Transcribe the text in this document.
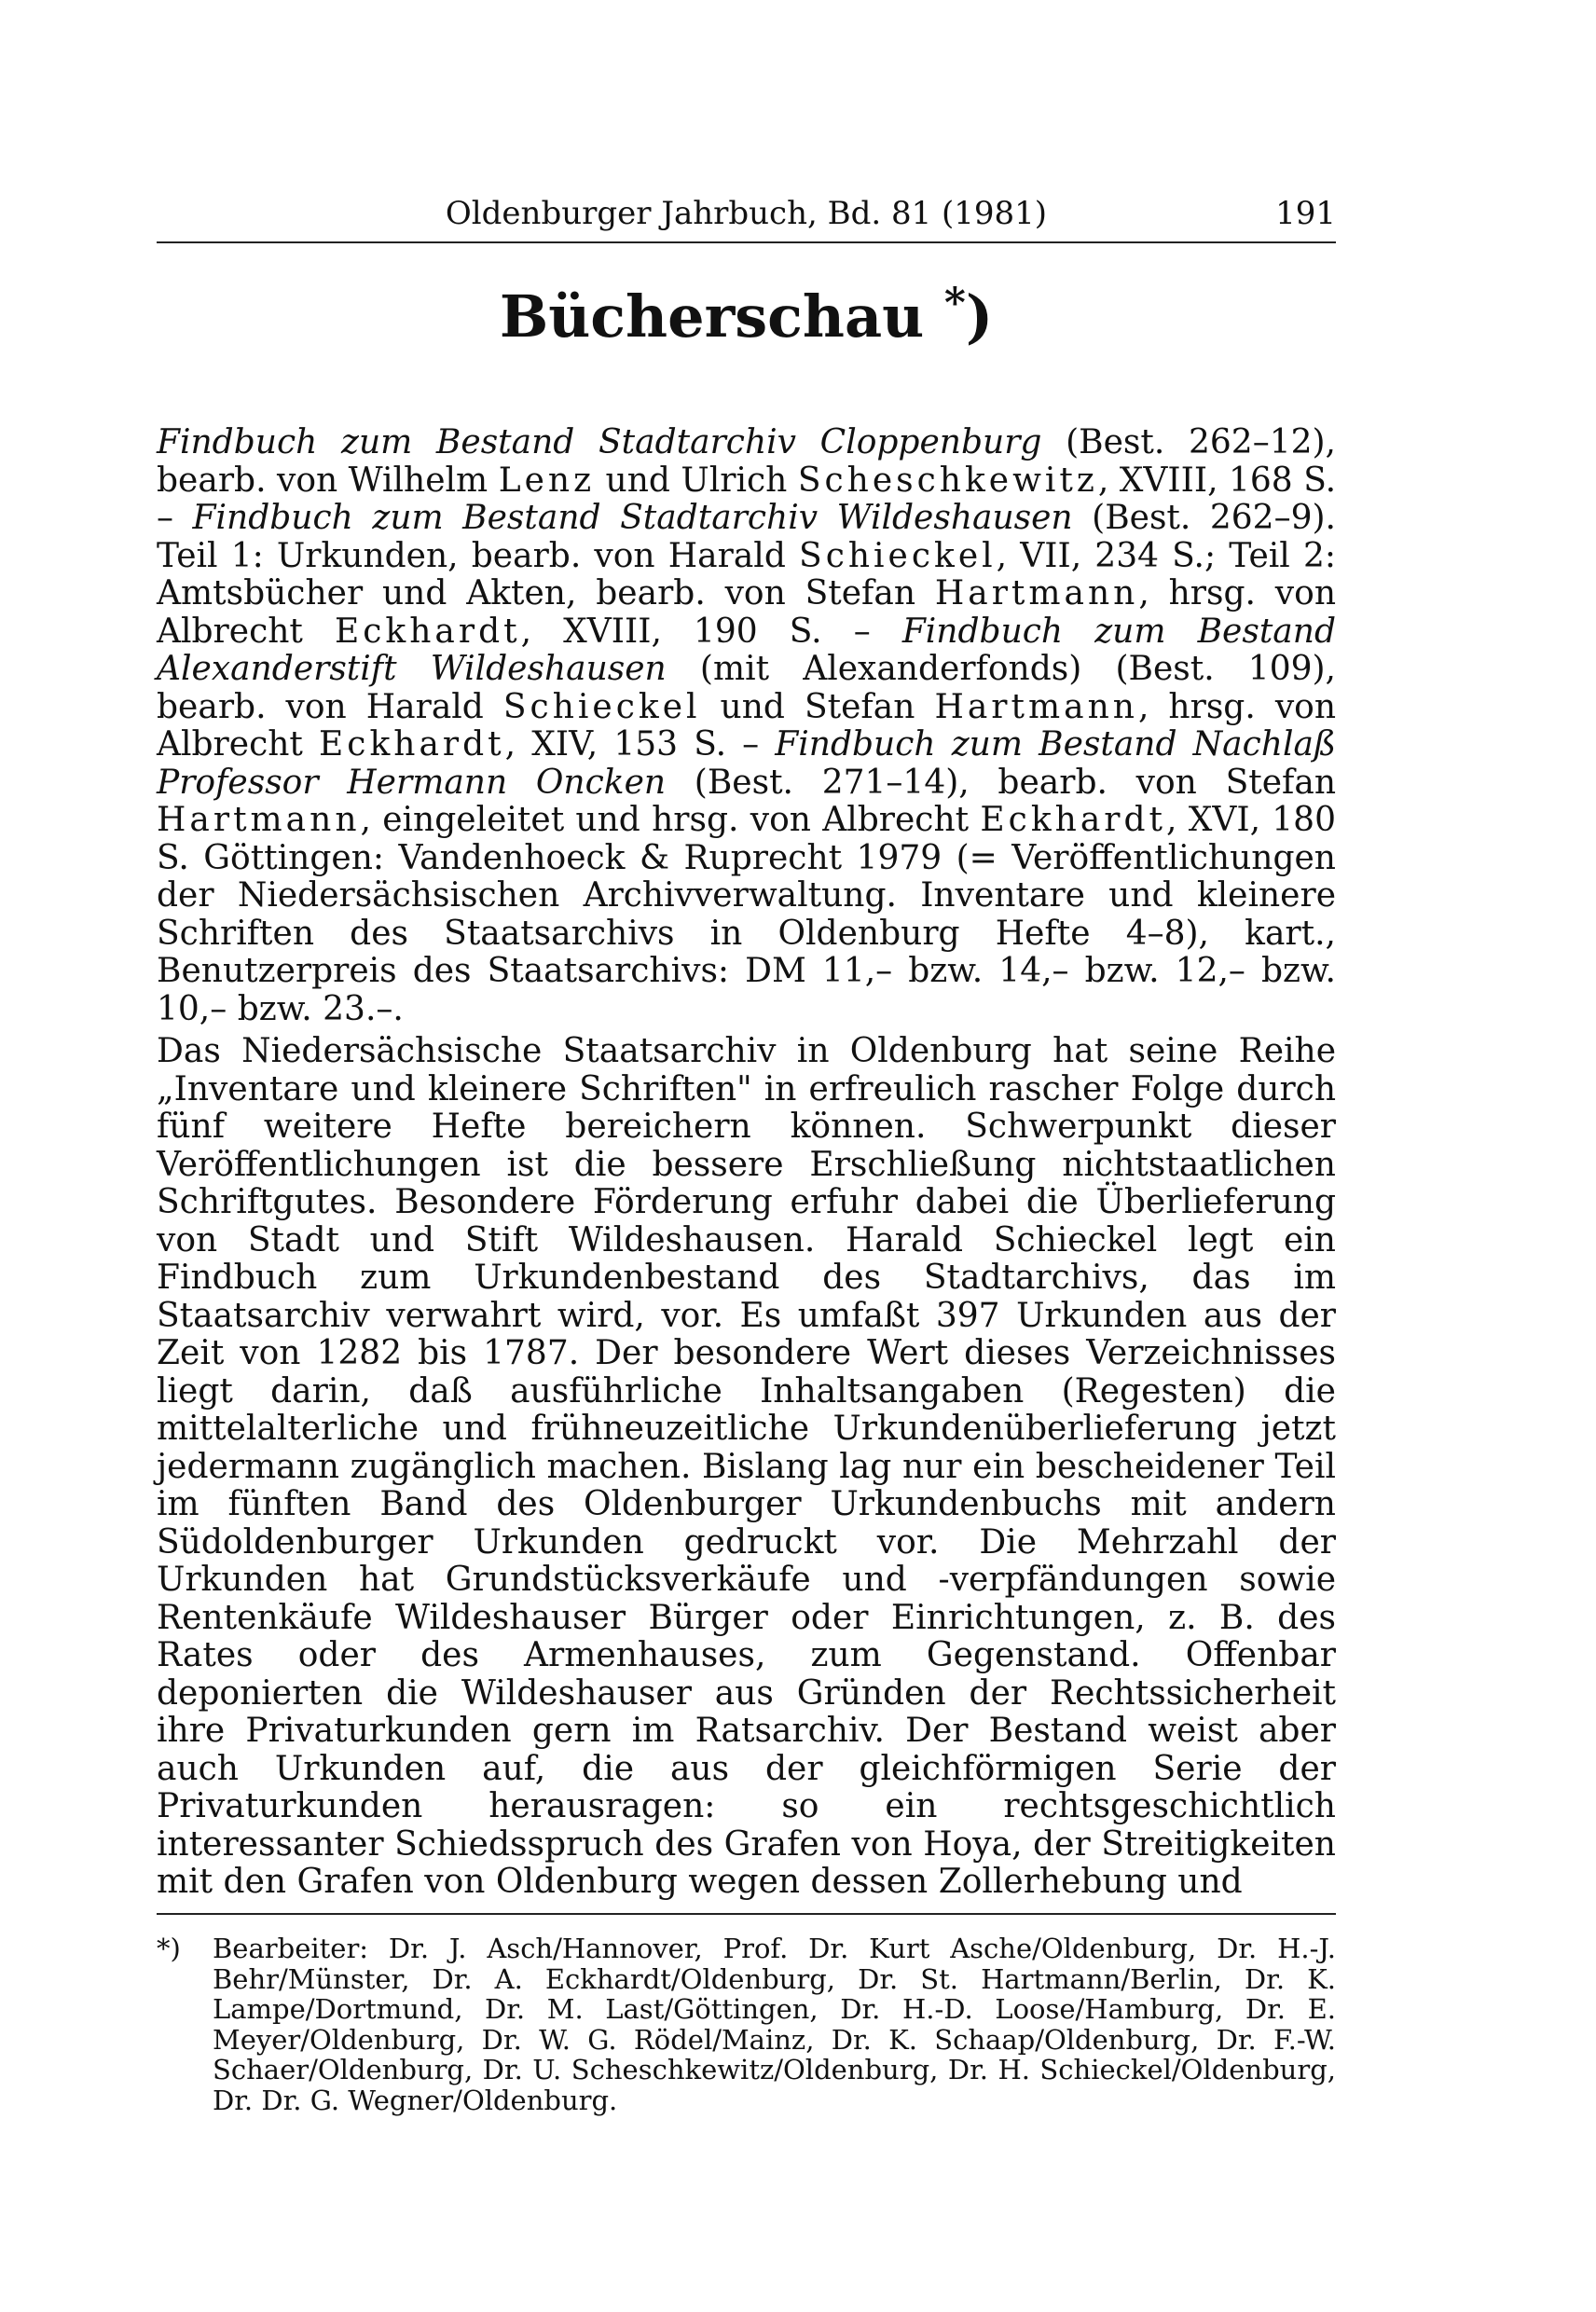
Oldenburger Jahrbuch, Bd. 81 (1981)	191
Bücherschau *)

Findbuch zum Bestand Stadtarchiv Cloppenburg (Best. 262–12), bearb. von Wilhelm Lenz und Ulrich Scheschkewitz, XVIII, 168 S. – Findbuch zum Bestand Stadtarchiv Wildeshausen (Best. 262–9). Teil 1: Urkunden, bearb. von Harald Schieckel, VII, 234 S.; Teil 2: Amtsbücher und Akten, bearb. von Stefan Hartmann, hrsg. von Albrecht Eckhardt, XVIII, 190 S. – Findbuch zum Bestand Alexanderstift Wildeshausen (mit Alexanderfonds) (Best. 109), bearb. von Harald Schieckel und Stefan Hartmann, hrsg. von Albrecht Eckhardt, XIV, 153 S. – Findbuch zum Bestand Nachlaß Professor Hermann Oncken (Best. 271–14), bearb. von Stefan Hartmann, eingeleitet und hrsg. von Albrecht Eckhardt, XVI, 180 S. Göttingen: Vandenhoeck & Ruprecht 1979 (= Veröffentlichungen der Niedersächsischen Archivverwaltung. Inventare und kleinere Schriften des Staatsarchivs in Oldenburg Hefte 4–8), kart., Benutzerpreis des Staatsarchivs: DM 11,– bzw. 14,– bzw. 12,– bzw. 10,– bzw. 23.–.

Das Niedersächsische Staatsarchiv in Oldenburg hat seine Reihe „Inventare und kleinere Schriften" in erfreulich rascher Folge durch fünf weitere Hefte bereichern können. Schwerpunkt dieser Veröffentlichungen ist die bessere Erschließung nichtstaatlichen Schriftgutes. Besondere Förderung erfuhr dabei die Überlieferung von Stadt und Stift Wildeshausen. Harald Schieckel legt ein Findbuch zum Urkundenbestand des Stadtarchivs, das im Staatsarchiv verwahrt wird, vor. Es umfaßt 397 Urkunden aus der Zeit von 1282 bis 1787. Der besondere Wert dieses Verzeichnisses liegt darin, daß ausführliche Inhaltsangaben (Regesten) die mittelalterliche und frühneuzeitliche Urkundenüberlieferung jetzt jedermann zugänglich machen. Bislang lag nur ein bescheidener Teil im fünften Band des Oldenburger Urkundenbuchs mit andern Südoldenburger Urkunden gedruckt vor. Die Mehrzahl der Urkunden hat Grundstücksverkäufe und -verpfändungen sowie Rentenkäufe Wildeshauser Bürger oder Einrichtungen, z. B. des Rates oder des Armenhauses, zum Gegenstand. Offenbar deponierten die Wildeshauser aus Gründen der Rechtssicherheit ihre Privaturkunden gern im Ratsarchiv. Der Bestand weist aber auch Urkunden auf, die aus der gleichförmigen Serie der Privaturkunden herausragen: so ein rechtsgeschichtlich interessanter Schiedsspruch des Grafen von Hoya, der Streitigkeiten mit den Grafen von Oldenburg wegen dessen Zollerhebung und

*)	Bearbeiter: Dr. J. Asch/Hannover, Prof. Dr. Kurt Asche/Oldenburg, Dr. H.-J. Behr/Münster, Dr. A. Eckhardt/Oldenburg, Dr. St. Hartmann/Berlin, Dr. K. Lampe/Dortmund, Dr. M. Last/Göttingen, Dr. H.-D. Loose/Hamburg, Dr. E. Meyer/Oldenburg, Dr. W. G. Rödel/Mainz, Dr. K. Schaap/Oldenburg, Dr. F.-W. Schaer/Oldenburg, Dr. U. Scheschkewitz/Oldenburg, Dr. H. Schieckel/Oldenburg, Dr. Dr. G. Wegner/Oldenburg.
